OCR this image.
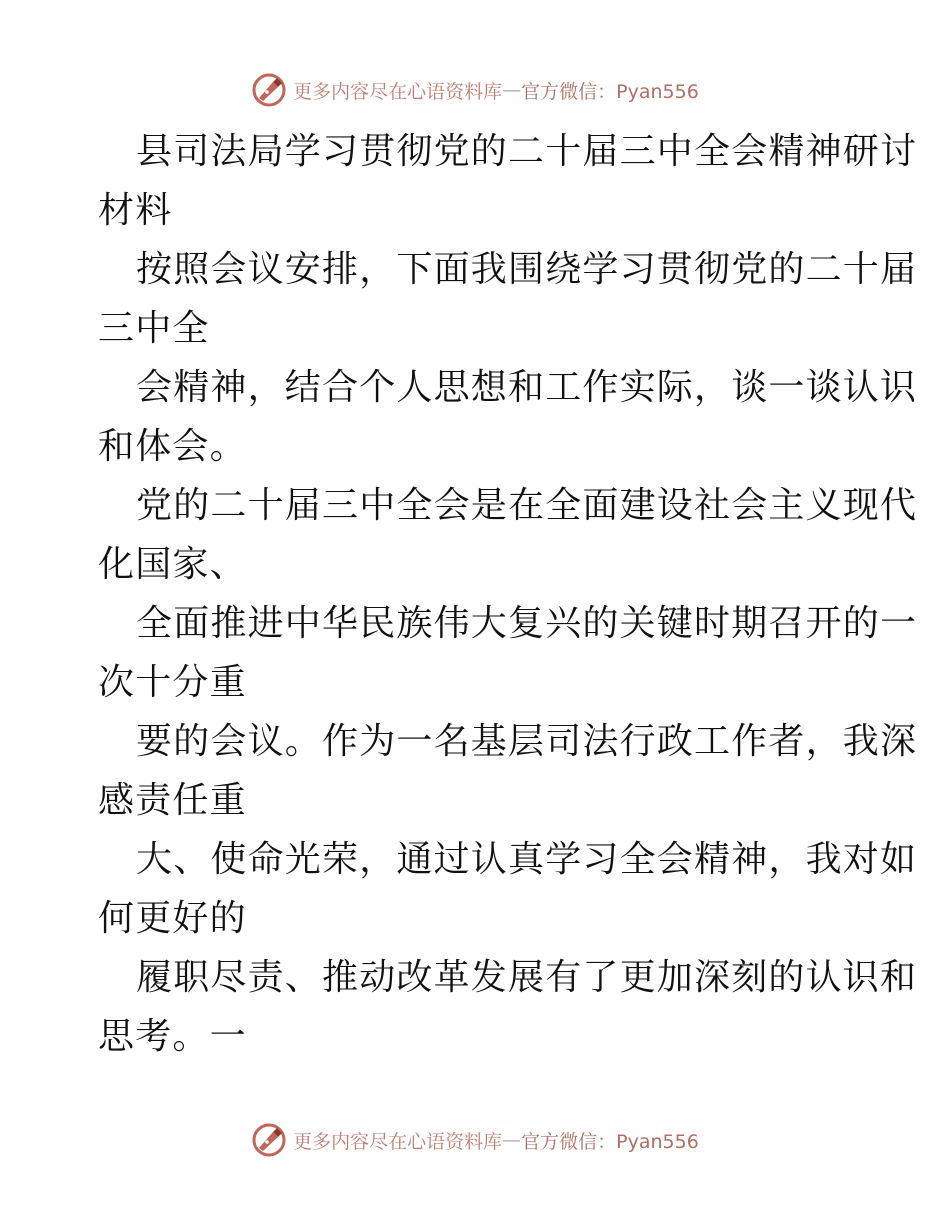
更多内容尽在心语资料库 — 官方微信：Pyan556
县司法局学习贯彻党的二十届三中全会精神研讨
材料
按照会议安排，下面我围绕学习贯彻党的二十届
三中全
会精神，结合个人思想和工作实际，谈一谈认识
和体会。
党的二十届三中全会是在全面建设社会主义现代
化国家、
全面推进中华民族伟大复兴的关键时期召开的一
次十分重
要的会议。作为一名基层司法行政工作者，我深
感责任重
大、使命光荣，通过认真学习全会精神，我对如
何更好的
履职尽责、推动改革发展有了更加深刻的认识和
思考。一
更多内容尽在心语资料库 — 官方微信：Pyan556
